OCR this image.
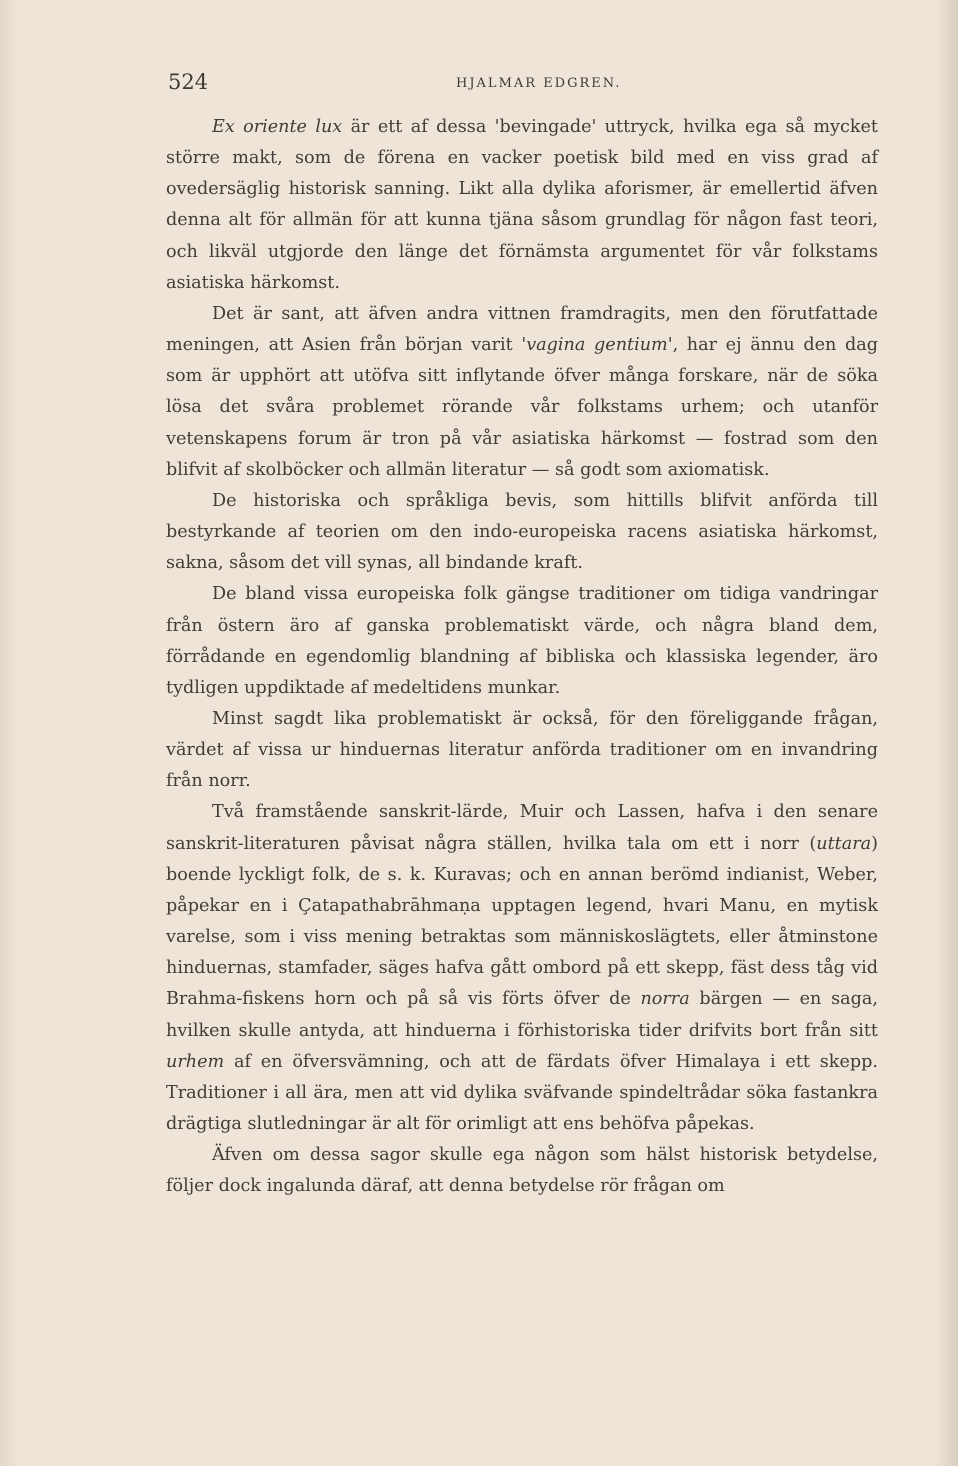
524	HJALMAR EDGREN.

Ex oriente lux är ett af dessa 'bevingade' uttryck, hvilka ega så mycket större makt, som de förena en vacker poetisk bild med en viss grad af ovedersäglig historisk sanning. Likt alla dylika aforismer, är emellertid äfven denna alt för allmän för att kunna tjäna såsom grundlag för någon fast teori, och likväl utgjorde den länge det förnämsta argumentet för vår folkstams asiatiska härkomst.

Det är sant, att äfven andra vittnen framdragits, men den förutfattade meningen, att Asien från början varit 'vagina gentium', har ej ännu den dag som är upphört att utöfva sitt inflytande öfver många forskare, när de söka lösa det svåra problemet rörande vår folkstams urhem; och utanför vetenskapens forum är tron på vår asiatiska härkomst — fostrad som den blifvit af skolböcker och allmän literatur — så godt som axiomatisk.

De historiska och språkliga bevis, som hittills blifvit anförda till bestyrkande af teorien om den indo-europeiska racens asiatiska härkomst, sakna, såsom det vill synas, all bindande kraft.

De bland vissa europeiska folk gängse traditioner om tidiga vandringar från östern äro af ganska problematiskt värde, och några bland dem, förrådande en egendomlig blandning af bibliska och klassiska legender, äro tydligen uppdiktade af medeltidens munkar.

Minst sagdt lika problematiskt är också, för den föreliggande frågan, värdet af vissa ur hinduernas literatur anförda traditioner om en invandring från norr.

Två framstående sanskrit-lärde, Muir och Lassen, hafva i den senare sanskrit-literaturen påvisat några ställen, hvilka tala om ett i norr (uttara) boende lyckligt folk, de s. k. Kuravas; och en annan berömd indianist, Weber, påpekar en i Çatapathabrāhmaṇa upptagen legend, hvari Manu, en mytisk varelse, som i viss mening betraktas som människoslägtets, eller åtminstone hinduernas, stamfader, säges hafva gått ombord på ett skepp, fäst dess tåg vid Brahma-fiskens horn och på så vis förts öfver de norra bärgen — en saga, hvilken skulle antyda, att hinduerna i förhistoriska tider drifvits bort från sitt urhem af en öfversvämning, och att de färdats öfver Himalaya i ett skepp. Traditioner i all ära, men att vid dylika sväfvande spindeltrådar söka fastankra drägtiga slutledningar är alt för orimligt att ens behöfva påpekas.

Äfven om dessa sagor skulle ega någon som hälst historisk betydelse, följer dock ingalunda däraf, att denna betydelse rör frågan om
